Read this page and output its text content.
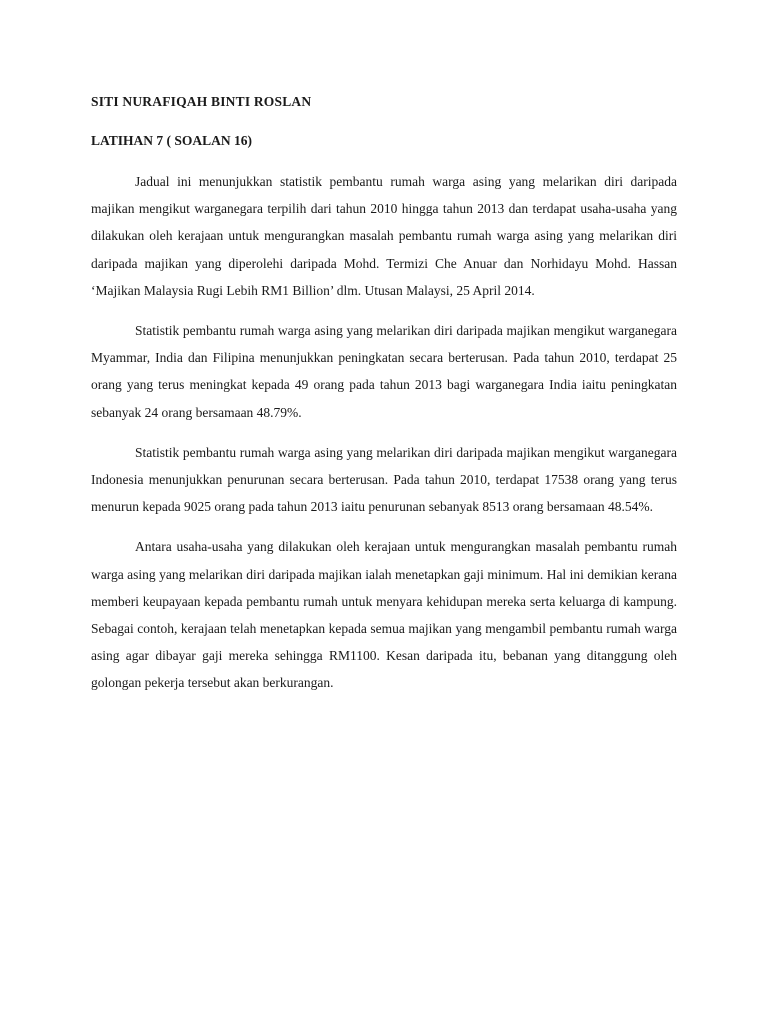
SITI NURAFIQAH BINTI ROSLAN

LATIHAN 7 ( SOALAN 16)

Jadual ini menunjukkan statistik pembantu rumah warga asing yang melarikan diri daripada majikan mengikut warganegara terpilih dari tahun 2010 hingga tahun 2013 dan terdapat usaha-usaha yang dilakukan oleh kerajaan untuk mengurangkan masalah pembantu rumah warga asing yang melarikan diri daripada majikan yang diperolehi daripada Mohd. Termizi Che Anuar dan Norhidayu Mohd. Hassan ‘Majikan Malaysia Rugi Lebih RM1 Billion’ dlm. Utusan Malaysi, 25 April 2014.

Statistik pembantu rumah warga asing yang melarikan diri daripada majikan mengikut warganegara Myammar, India dan Filipina menunjukkan peningkatan secara berterusan. Pada tahun 2010, terdapat 25 orang yang terus meningkat kepada 49 orang pada tahun 2013 bagi warganegara India iaitu peningkatan sebanyak 24 orang bersamaan 48.79%.

Statistik pembantu rumah warga asing yang melarikan diri daripada majikan mengikut warganegara Indonesia menunjukkan penurunan secara berterusan. Pada tahun 2010, terdapat 17538 orang yang terus menurun kepada 9025 orang pada tahun 2013 iaitu penurunan sebanyak 8513 orang bersamaan 48.54%.

Antara usaha-usaha yang dilakukan oleh kerajaan untuk mengurangkan masalah pembantu rumah warga asing yang melarikan diri daripada majikan ialah menetapkan gaji minimum. Hal ini demikian kerana memberi keupayaan kepada pembantu rumah untuk menyara kehidupan mereka serta keluarga di kampung. Sebagai contoh, kerajaan telah menetapkan kepada semua majikan yang mengambil pembantu rumah warga asing agar dibayar gaji mereka sehingga RM1100. Kesan daripada itu, bebanan yang ditanggung oleh golongan pekerja tersebut akan berkurangan.
